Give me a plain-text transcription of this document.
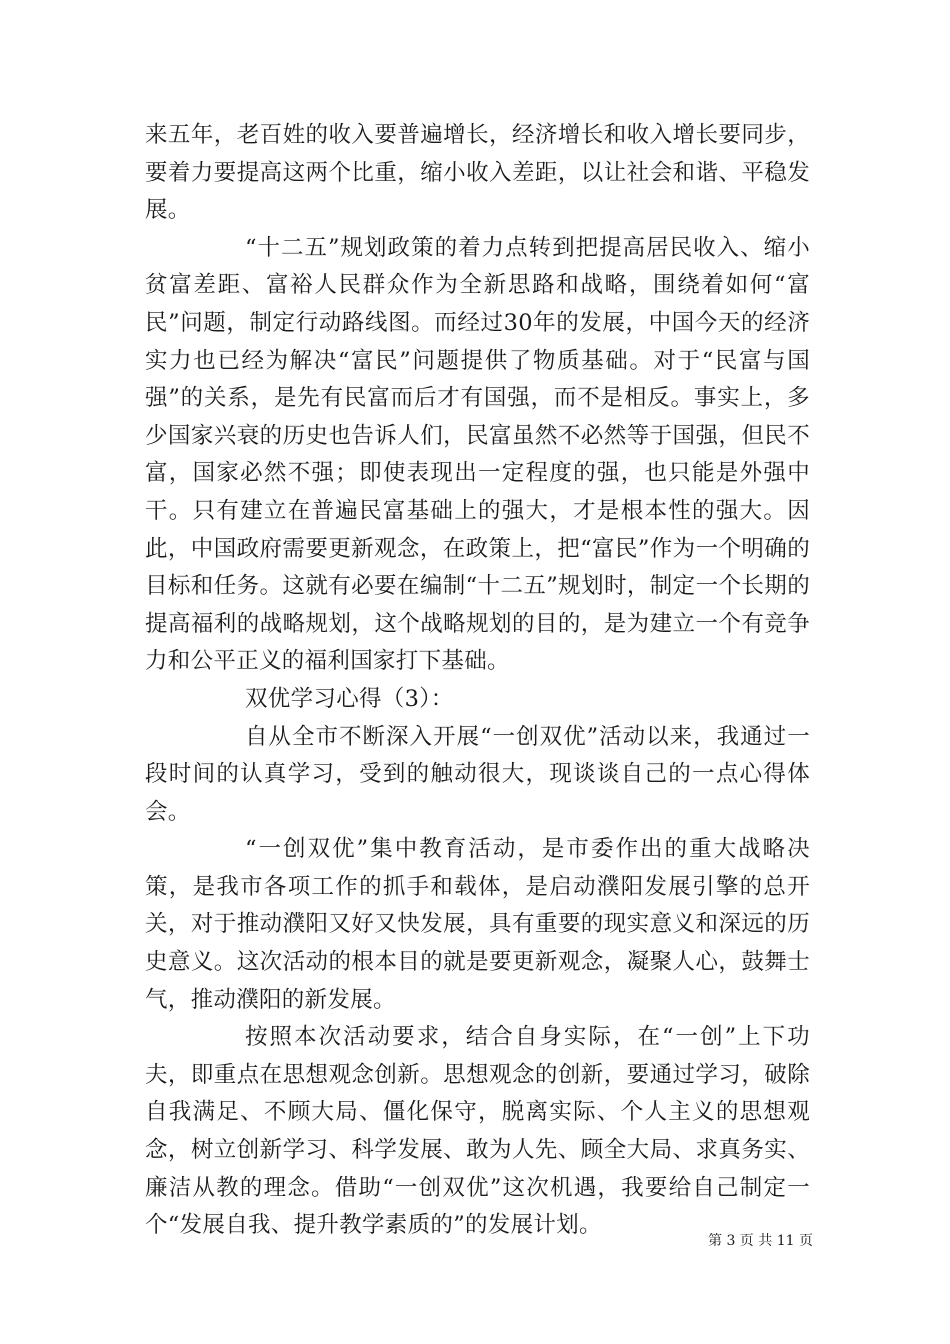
来五年，老百姓的收入要普遍增长，经济增长和收入增长要同步，要着力要提高这两个比重，缩小收入差距，以让社会和谐、平稳发展。

“十二五”规划政策的着力点转到把提高居民收入、缩小贫富差距、富裕人民群众作为全新思路和战略，围绕着如何“富民”问题，制定行动路线图。而经过30年的发展，中国今天的经济实力也已经为解决“富民”问题提供了物质基础。对于“民富与国强”的关系，是先有民富而后才有国强，而不是相反。事实上，多少国家兴衰的历史也告诉人们，民富虽然不必然等于国强，但民不富，国家必然不强；即使表现出一定程度的强，也只能是外强中干。只有建立在普遍民富基础上的强大，才是根本性的强大。因此，中国政府需要更新观念，在政策上，把“富民”作为一个明确的目标和任务。这就有必要在编制“十二五”规划时，制定一个长期的提高福利的战略规划，这个战略规划的目的，是为建立一个有竞争力和公平正义的福利国家打下基础。

双优学习心得（3）：

自从全市不断深入开展“一创双优”活动以来，我通过一段时间的认真学习，受到的触动很大，现谈谈自己的一点心得体会。

“一创双优”集中教育活动，是市委作出的重大战略决策，是我市各项工作的抓手和载体，是启动濮阳发展引擎的总开关，对于推动濮阳又好又快发展，具有重要的现实意义和深远的历史意义。这次活动的根本目的就是要更新观念，凝聚人心，鼓舞士气，推动濮阳的新发展。

按照本次活动要求，结合自身实际，在“一创”上下功夫，即重点在思想观念创新。思想观念的创新，要通过学习，破除自我满足、不顾大局、僵化保守，脱离实际、个人主义的思想观念，树立创新学习、科学发展、敢为人先、顾全大局、求真务实、廉洁从教的理念。借助“一创双优”这次机遇，我要给自己制定一个“发展自我、提升教学素质的”的发展计划。

第 3 页 共 11 页
